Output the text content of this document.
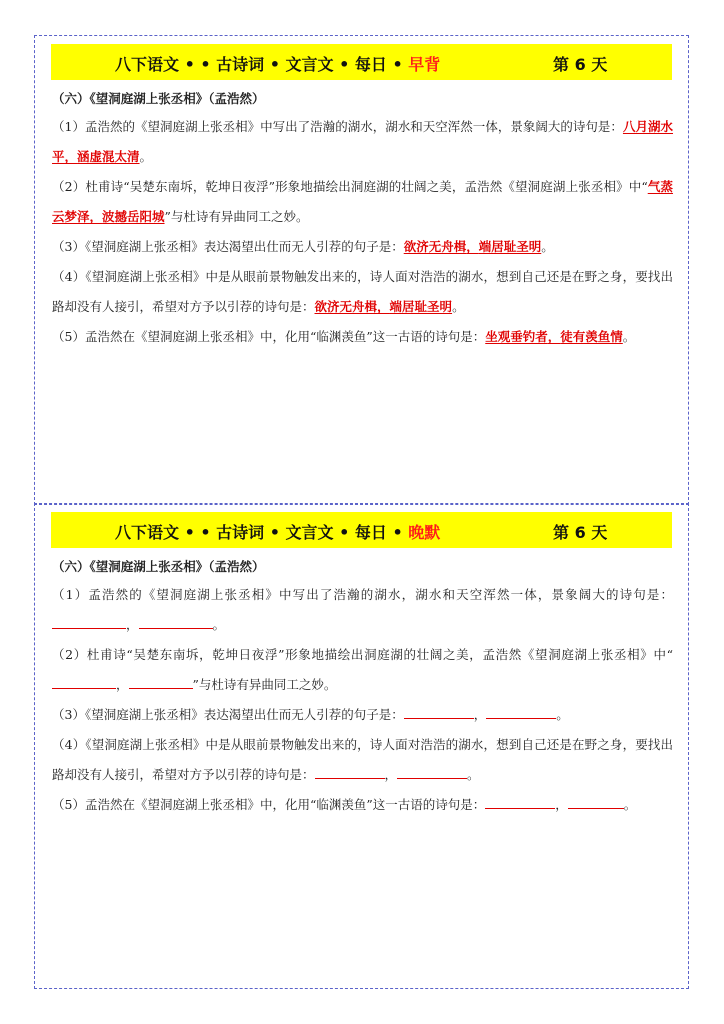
八下语文 • • 古诗词 • 文言文 • 每日 • 早背	第 6 天
（六）《望洞庭湖上张丞相》（孟浩然）

（1）孟浩然的《望洞庭湖上张丞相》中写出了浩瀚的湖水，湖水和天空浑然一体，景象阔大的诗句是：八月湖水平，涵虚混太清。

（2）杜甫诗“吴楚东南坼，乾坤日夜浮”形象地描绘出洞庭湖的壮阔之美，孟浩然《望洞庭湖上张丞相》中“气蒸云梦泽，波撼岳阳城”与杜诗有异曲同工之妙。

（3）《望洞庭湖上张丞相》表达渴望出仕而无人引荐的句子是：欲济无舟楫，端居耻圣明。

（4）《望洞庭湖上张丞相》中是从眼前景物触发出来的，诗人面对浩浩的湖水，想到自己还是在野之身，要找出路却没有人接引，希望对方予以引荐的诗句是：欲济无舟楫，端居耻圣明。

（5）孟浩然在《望洞庭湖上张丞相》中，化用“临渊羡鱼”这一古语的诗句是：坐观垂钓者，徒有羡鱼情。

八下语文 • • 古诗词 • 文言文 • 每日 • 晚默	第 6 天
（六）《望洞庭湖上张丞相》（孟浩然）

（1）孟浩然的《望洞庭湖上张丞相》中写出了浩瀚的湖水，湖水和天空浑然一体，景象阔大的诗句是：，	。

（2）杜甫诗“吴楚东南坼，乾坤日夜浮”形象地描绘出洞庭湖的壮阔之美，孟浩然《望洞庭湖上张丞相》中“，	”与杜诗有异曲同工之妙。

（3）《望洞庭湖上张丞相》表达渴望出仕而无人引荐的句子是：	，	。

（4）《望洞庭湖上张丞相》中是从眼前景物触发出来的，诗人面对浩浩的湖水，想到自己还是在野之身，要找出路却没有人接引，希望对方予以引荐的诗句是：	，	。

（5）孟浩然在《望洞庭湖上张丞相》中，化用“临渊羡鱼”这一古语的诗句是：	，	。
